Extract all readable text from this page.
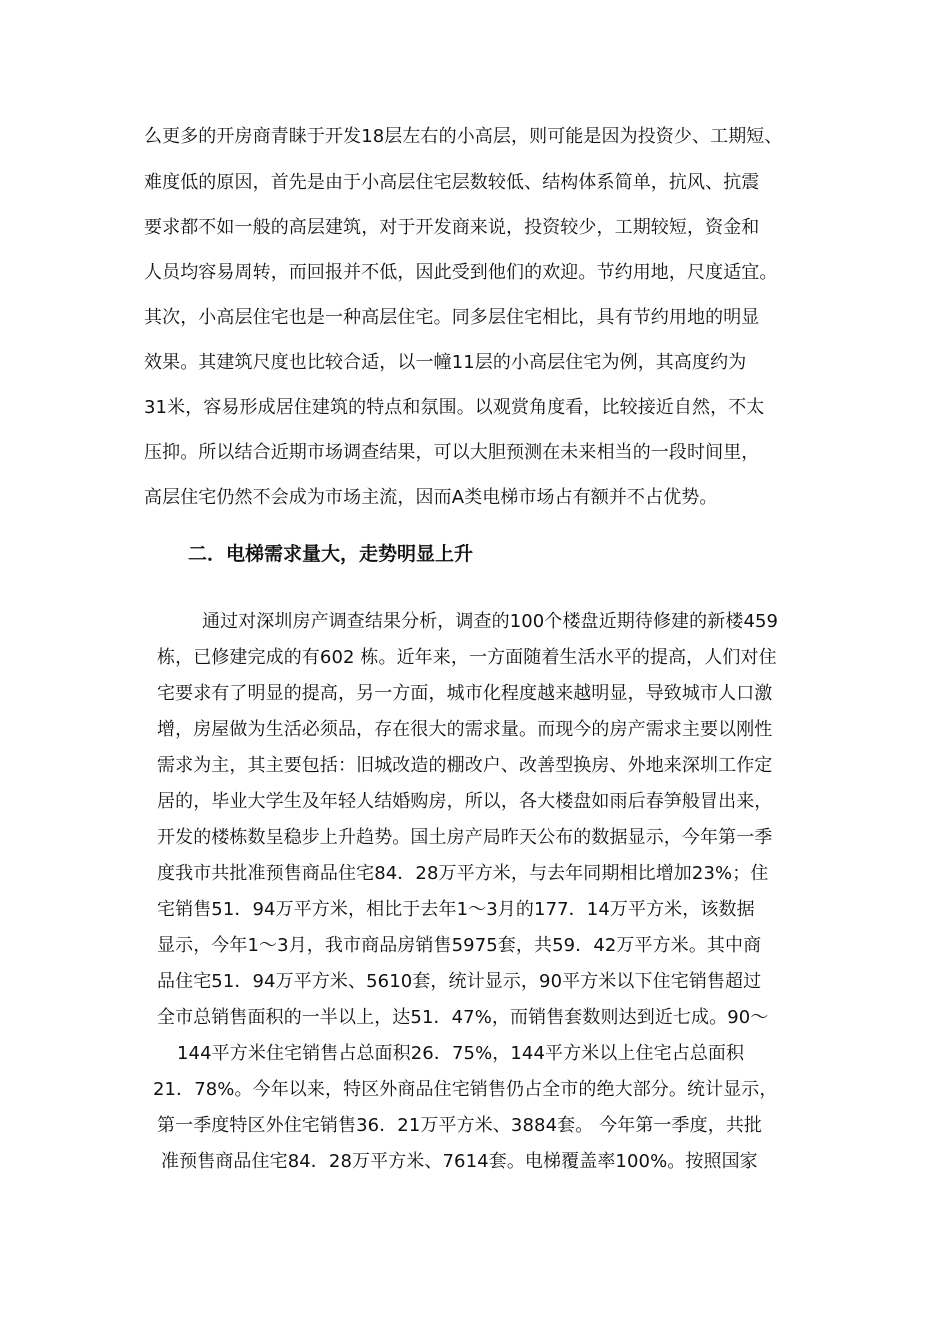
么更多的开房商青睐于开发18层左右的小高层，则可能是因为投资少、工期短、
难度低的原因，首先是由于小高层住宅层数较低、结构体系简单，抗风、抗震
要求都不如一般的高层建筑，对于开发商来说，投资较少，工期较短，资金和
人员均容易周转，而回报并不低，因此受到他们的欢迎。节约用地，尺度适宜。
其次，小高层住宅也是一种高层住宅。同多层住宅相比，具有节约用地的明显
效果。其建筑尺度也比较合适，以一幢11层的小高层住宅为例，其高度约为
31米，容易形成居住建筑的特点和氛围。以观赏角度看，比较接近自然，不太
压抑。所以结合近期市场调查结果，可以大胆预测在未来相当的一段时间里，
高层住宅仍然不会成为市场主流，因而A类电梯市场占有额并不占优势。
二．电梯需求量大，走势明显上升
通过对深圳房产调查结果分析，调查的100个楼盘近期待修建的新楼459
栋，已修建完成的有602 栋。近年来，一方面随着生活水平的提高，人们对住
宅要求有了明显的提高，另一方面，城市化程度越来越明显，导致城市人口激
增，房屋做为生活必须品，存在很大的需求量。而现今的房产需求主要以刚性
需求为主，其主要包括：旧城改造的棚改户、改善型换房、外地来深圳工作定
居的，毕业大学生及年轻人结婚购房，所以，各大楼盘如雨后春笋般冒出来，
开发的楼栋数呈稳步上升趋势。国土房产局昨天公布的数据显示，今年第一季
度我市共批准预售商品住宅84．28万平方米，与去年同期相比增加23%；住
宅销售51．94万平方米，相比于去年1～3月的177．14万平方米，该数据
显示，今年1～3月，我市商品房销售5975套，共59．42万平方米。其中商
品住宅51．94万平方米、5610套，统计显示，90平方米以下住宅销售超过
全市总销售面积的一半以上，达51．47%，而销售套数则达到近七成。90～
144平方米住宅销售占总面积26．75%，144平方米以上住宅占总面积
21．78%。今年以来，特区外商品住宅销售仍占全市的绝大部分。统计显示，
第一季度特区外住宅销售36．21万平方米、3884套。 今年第一季度，共批
准预售商品住宅84．28万平方米、7614套。电梯覆盖率100%。按照国家
